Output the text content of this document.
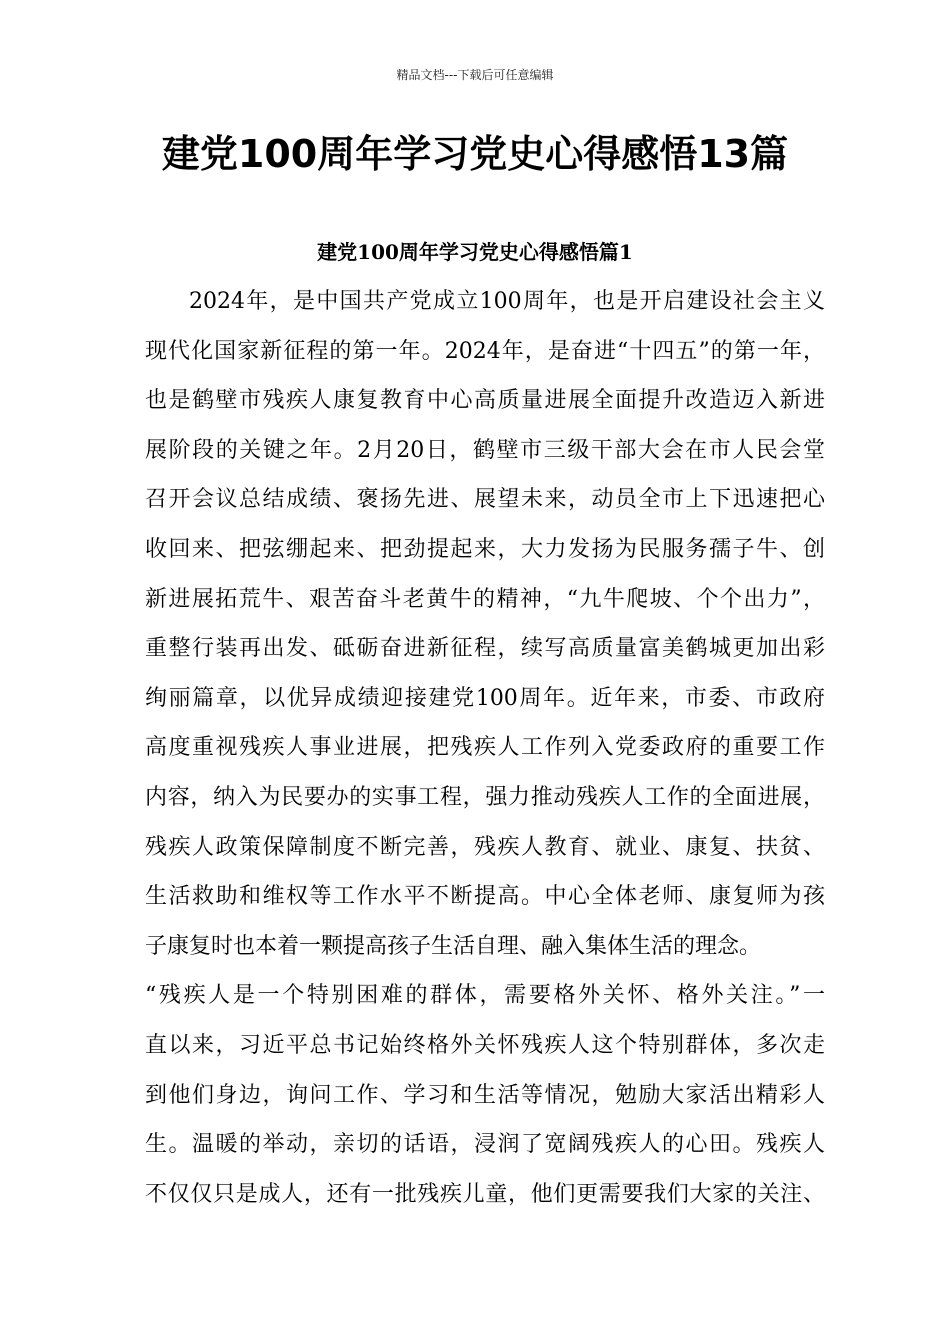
精品文档---下载后可任意编辑
建党100周年学习党史心得感悟13篇
建党100周年学习党史心得感悟篇1
2024年，是中国共产党成立100周年，也是开启建设社会主义
现代化国家新征程的第一年。2024年，是奋进“十四五”的第一年，
也是鹤壁市残疾人康复教育中心高质量进展全面提升改造迈入新进
展阶段的关键之年。2月20日，鹤壁市三级干部大会在市人民会堂
召开会议总结成绩、褒扬先进、展望未来，动员全市上下迅速把心
收回来、把弦绷起来、把劲提起来，大力发扬为民服务孺子牛、创
新进展拓荒牛、艰苦奋斗老黄牛的精神，“九牛爬坡、个个出力”，
重整行装再出发、砥砺奋进新征程，续写高质量富美鹤城更加出彩
绚丽篇章，以优异成绩迎接建党100周年。近年来，市委、市政府
高度重视残疾人事业进展，把残疾人工作列入党委政府的重要工作
内容，纳入为民要办的实事工程，强力推动残疾人工作的全面进展，
残疾人政策保障制度不断完善，残疾人教育、就业、康复、扶贫、
生活救助和维权等工作水平不断提高。中心全体老师、康复师为孩
子康复时也本着一颗提高孩子生活自理、融入集体生活的理念。
“残疾人是一个特别困难的群体，需要格外关怀、格外关注。”一
直以来，习近平总书记始终格外关怀残疾人这个特别群体，多次走
到他们身边，询问工作、学习和生活等情况，勉励大家活出精彩人
生。温暖的举动，亲切的话语，浸润了宽阔残疾人的心田。残疾人
不仅仅只是成人，还有一批残疾儿童，他们更需要我们大家的关注、
